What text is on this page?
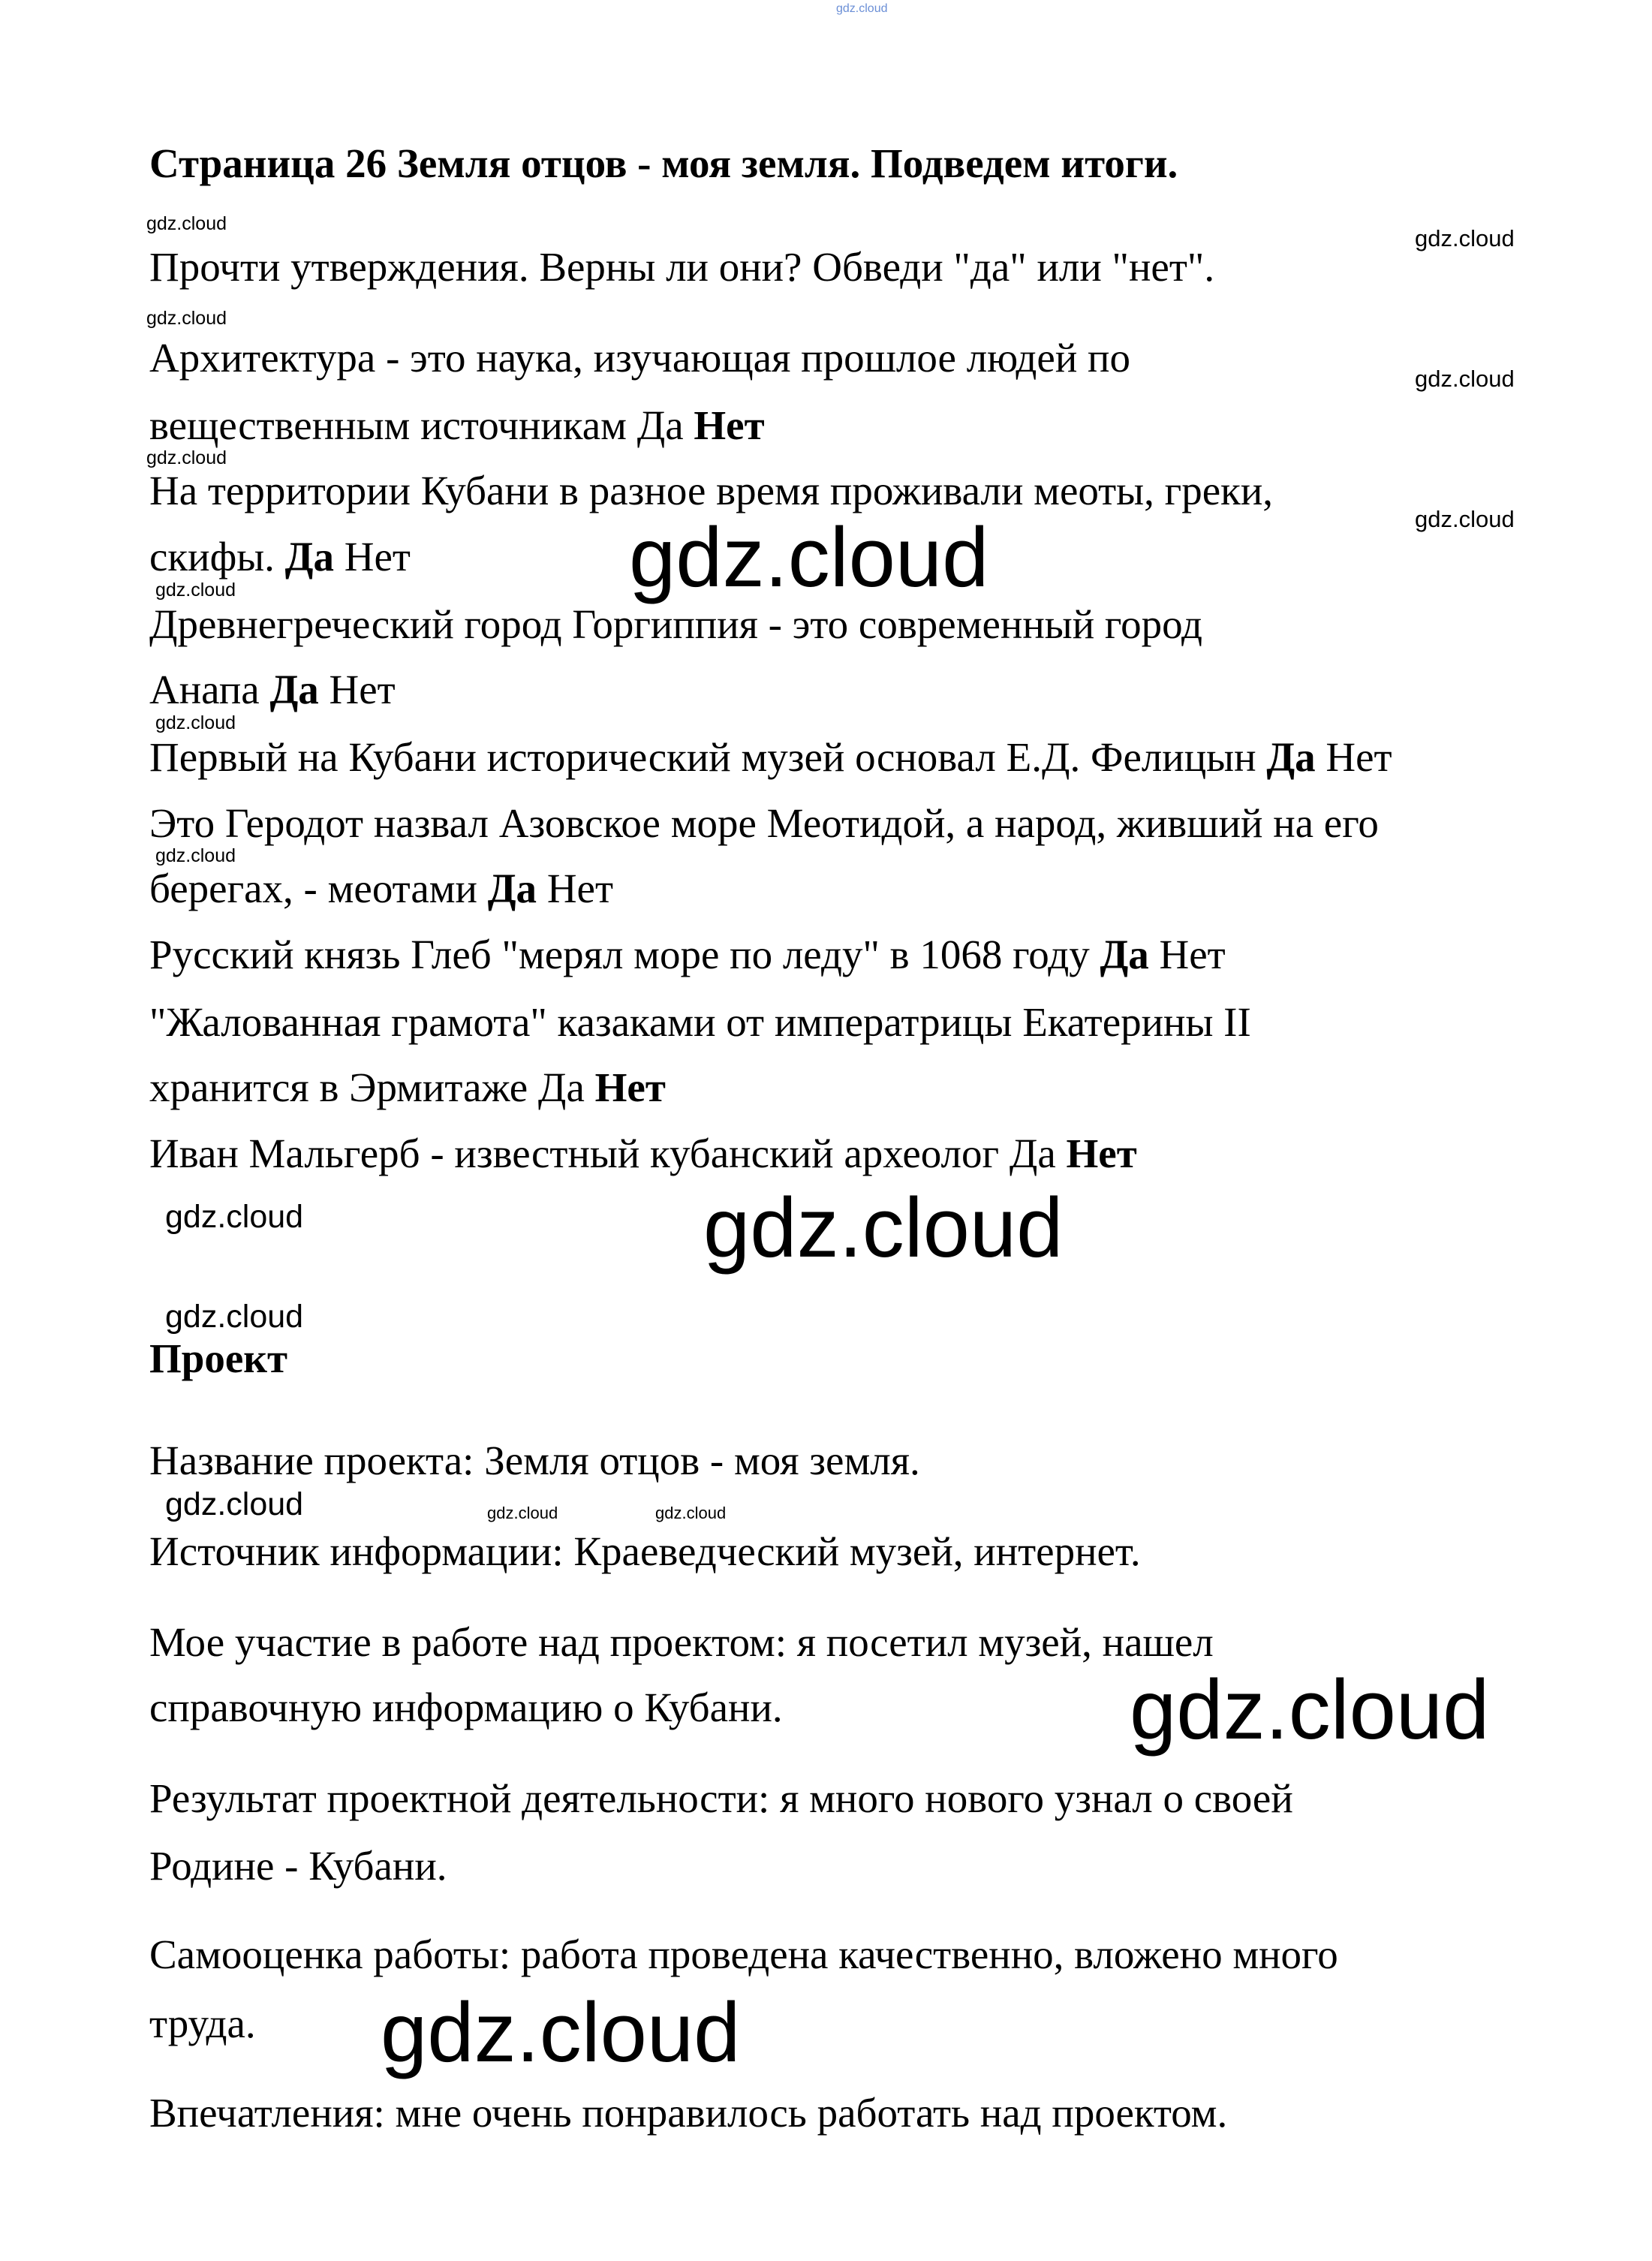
Страница 26 Земля отцов - моя земля. Подведем итоги.
Прочти утверждения. Верны ли они? Обведи "да" или "нет".
Архитектура - это наука, изучающая прошлое людей по
вещественным источникам Да Нет
На территории Кубани в разное время проживали меоты, греки,
скифы. Да Нет
Древнегреческий город Горгиппия - это современный город
Анапа Да Нет
Первый на Кубани исторический музей основал Е.Д. Фелицын Да Нет
Это Геродот назвал Азовское море Меотидой, а народ, живший на его
берегах, - меотами Да Нет
Русский князь Глеб "мерял море по леду" в 1068 году Да Нет
"Жалованная грамота" казаками от императрицы Екатерины II
хранится в Эрмитаже Да Нет
Иван Мальгерб - известный кубанский археолог Да Нет
Проект
Название проекта: Земля отцов - моя земля.
Источник информации: Краеведческий музей, интернет.
Мое участие в работе над проектом: я посетил музей, нашел
справочную информацию о Кубани.
Результат проектной деятельности: я много нового узнал о своей
Родине - Кубани.
Самооценка работы: работа проведена качественно, вложено много
труда.
Впечатления: мне очень понравилось работать над проектом.
gdz.cloud
gdz.cloud
gdz.cloud
gdz.cloud
gdz.cloud
gdz.cloud
gdz.cloud
gdz.cloud
gdz.cloud
gdz.cloud
gdz.cloud
gdz.cloud
gdz.cloud	gdz.cloud	gdz.cloud
gdz.cloud
gdz.cloud
gdz.cloud
gdz.cloud
